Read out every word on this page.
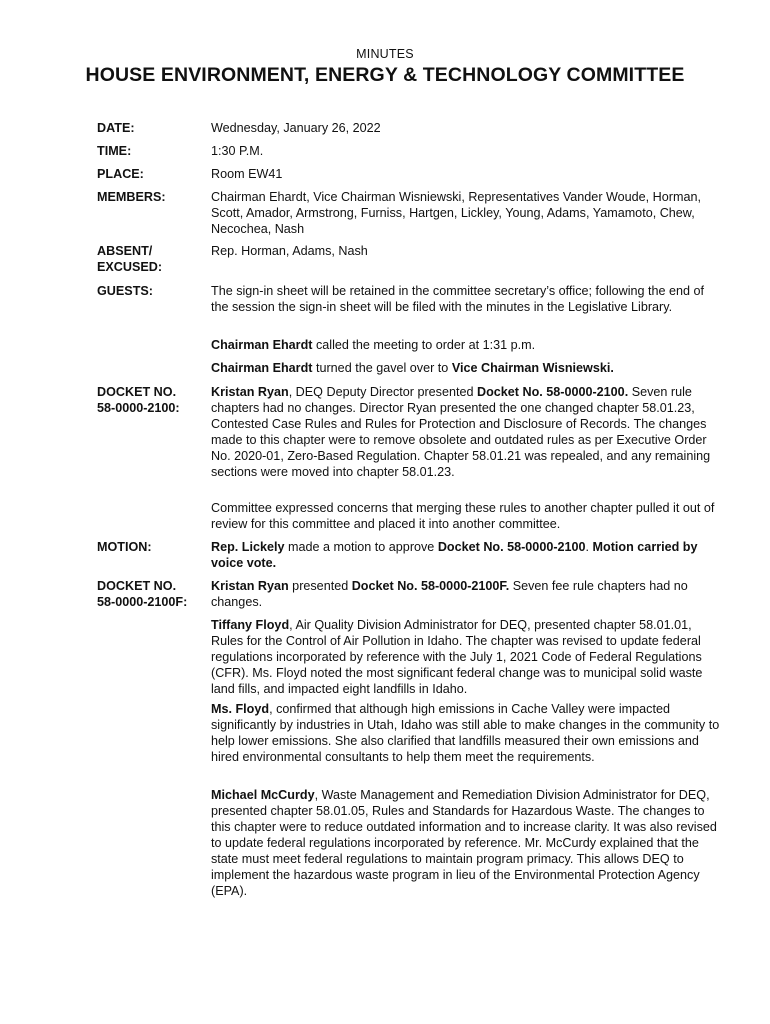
MINUTES
HOUSE ENVIRONMENT, ENERGY & TECHNOLOGY COMMITTEE
DATE:	Wednesday, January 26, 2022
TIME:	1:30 P.M.
PLACE:	Room EW41
MEMBERS:	Chairman Ehardt, Vice Chairman Wisniewski, Representatives Vander Woude, Horman, Scott, Amador, Armstrong, Furniss, Hartgen, Lickley, Young, Adams, Yamamoto, Chew, Necochea, Nash
ABSENT/
EXCUSED:
Rep. Horman, Adams, Nash
GUESTS:	The sign-in sheet will be retained in the committee secretary’s office; following the end of the session the sign-in sheet will be filed with the minutes in the Legislative Library.
Chairman Ehardt called the meeting to order at 1:31 p.m.
Chairman Ehardt turned the gavel over to Vice Chairman Wisniewski.
DOCKET NO.
58-0000-2100:
Kristan Ryan, DEQ Deputy Director presented Docket No. 58-0000-2100. Seven rule chapters had no changes. Director Ryan presented the one changed chapter 58.01.23, Contested Case Rules and Rules for Protection and Disclosure of Records. The changes made to this chapter were to remove obsolete and outdated rules as per Executive Order No. 2020-01, Zero-Based Regulation. Chapter 58.01.21 was repealed, and any remaining sections were moved into chapter 58.01.23.
Committee expressed concerns that merging these rules to another chapter pulled it out of review for this committee and placed it into another committee.
MOTION:	Rep. Lickely made a motion to approve Docket No. 58-0000-2100. Motion carried by voice vote.
DOCKET NO.
58-0000-2100F:
Kristan Ryan presented Docket No. 58-0000-2100F. Seven fee rule chapters had no changes.
Tiffany Floyd, Air Quality Division Administrator for DEQ, presented chapter 58.01.01, Rules for the Control of Air Pollution in Idaho. The chapter was revised to update federal regulations incorporated by reference with the July 1, 2021 Code of Federal Regulations (CFR). Ms. Floyd noted the most significant federal change was to municipal solid waste land fills, and impacted eight landfills in Idaho.
Ms. Floyd, confirmed that although high emissions in Cache Valley were impacted significantly by industries in Utah, Idaho was still able to make changes in the community to help lower emissions. She also clarified that landfills measured their own emissions and hired environmental consultants to help them meet the requirements.
Michael McCurdy, Waste Management and Remediation Division Administrator for DEQ, presented chapter 58.01.05, Rules and Standards for Hazardous Waste. The changes to this chapter were to reduce outdated information and to increase clarity. It was also revised to update federal regulations incorporated by reference. Mr. McCurdy explained that the state must meet federal regulations to maintain program primacy. This allows DEQ to implement the hazardous waste program in lieu of the Environmental Protection Agency (EPA).
